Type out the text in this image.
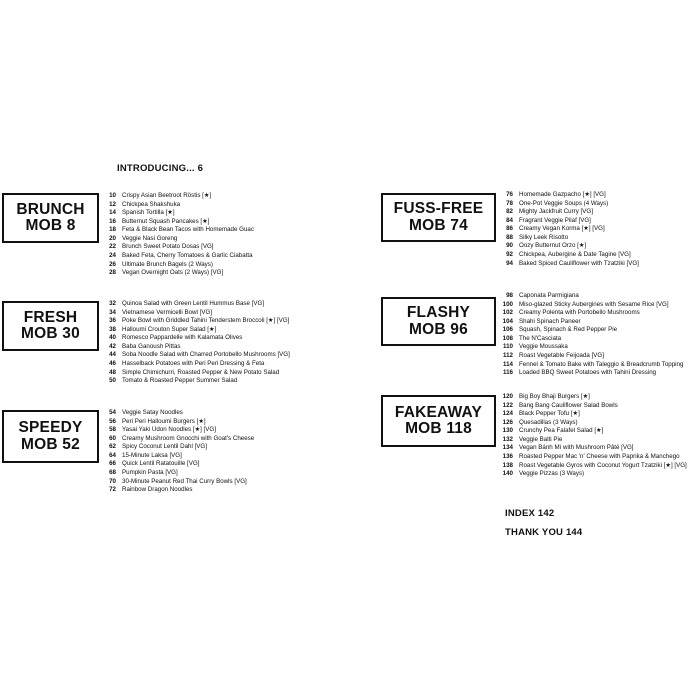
INTRODUCING... 6
BRUNCH
MOB 8
10 Crispy Asian Beetroot Röstis [★]
12 Chickpea Shakshuka
14 Spanish Tortilla [★]
16 Butternut Squash Pancakes [★]
18 Feta & Black Bean Tacos with Homemade Guac
20 Veggie Nasi Goreng
22 Brunch Sweet Potato Dosas [VG]
24 Baked Feta, Cherry Tomatoes & Garlic Ciabatta
26 Ultimate Brunch Bagels (2 Ways)
28 Vegan Overnight Oats (2 Ways) [VG]
FRESH
MOB 30
32 Quinoa Salad with Green Lentil Hummus Base [VG]
34 Vietnamese Vermicelli Bowl [VG]
36 Poke Bowl with Griddled Tahini Tenderstem Broccoli [★] [VG]
38 Halloumi Crouton Super Salad [★]
40 Romesco Pappardelle with Kalamata Olives
42 Baba Ganoush Pittas
44 Soba Noodle Salad with Charred Portobello Mushrooms [VG]
46 Hasselback Potatoes with Peri Peri Dressing & Feta
48 Simple Chimichurri, Roasted Pepper & New Potato Salad
50 Tomato & Roasted Pepper Summer Salad
SPEEDY
MOB 52
54 Veggie Satay Noodles
56 Peri Peri Halloumi Burgers [★]
58 Yasai Yaki Udon Noodles [★] [VG]
60 Creamy Mushroom Gnocchi with Goat's Cheese
62 Spicy Coconut Lentil Dahl [VG]
64 15-Minute Laksa [VG]
66 Quick Lentil Ratatouille [VG]
68 Pumpkin Pasta [VG]
70 30-Minute Peanut Red Thai Curry Bowls [VG]
72 Rainbow Dragon Noodles
FUSS-FREE
MOB 74
76 Homemade Gazpacho [★] [VG]
78 One-Pot Veggie Soups (4 Ways)
82 Mighty Jackfruit Curry [VG]
84 Fragrant Veggie Pilaf [VG]
86 Creamy Vegan Korma [★] [VG]
88 Silky Leek Risotto
90 Oozy Butternut Orzo [★]
92 Chickpea, Aubergine & Date Tagine [VG]
94 Baked Spiced Cauliflower with Tzatziki [VG]
FLASHY
MOB 96
98 Caponata Parmigiana
100 Miso-glazed Sticky Aubergines with Sesame Rice [VG]
102 Creamy Polenta with Portobello Mushrooms
104 Shahi Spinach Paneer
106 Squash, Spinach & Red Pepper Pie
108 The N'Casciata
110 Veggie Moussaka
112 Roast Vegetable Feijoada [VG]
114 Fennel & Tomato Bake with Taleggio & Breadcrumb Topping
116 Loaded BBQ Sweet Potatoes with Tahini Dressing
FAKEAWAY
MOB 118
120 Big Boy Bhaji Burgers [★]
122 Bang Bang Cauliflower Salad Bowls
124 Black Pepper Tofu [★]
126 Quesadillas (3 Ways)
130 Crunchy Pea Falafel Salad [★]
132 Veggie Balti Pie
134 Vegan Bánh Mì with Mushroom Pâté [VG]
136 Roasted Pepper Mac 'n' Cheese with Paprika & Manchego
138 Roast Vegetable Gyros with Coconut Yogurt Tzatziki [★] [VG]
140 Veggie Pizzas (3 Ways)
INDEX 142
THANK YOU 144
